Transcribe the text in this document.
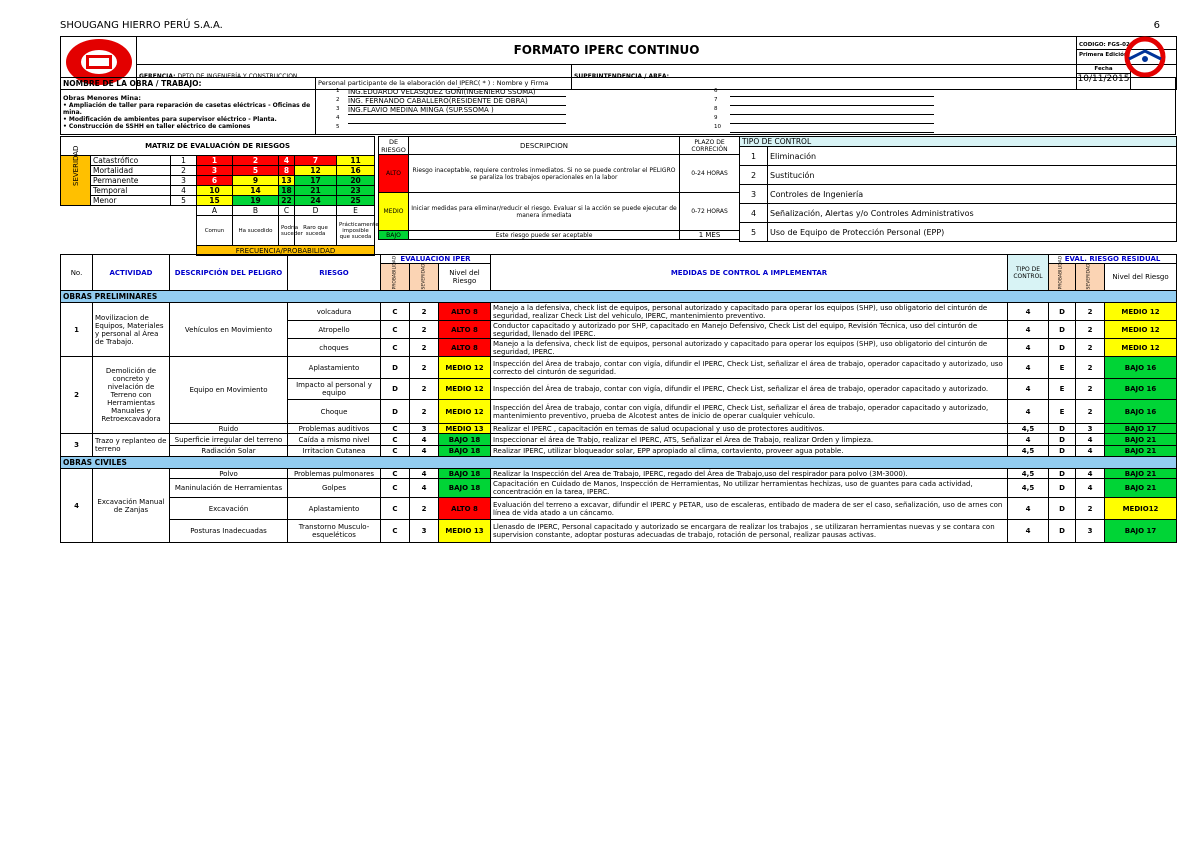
SHOUGANG HIERRO PERÚ S.A.A.	6
	FORMATO IPERC CONTINUO		CODIGO: FGS-02
Primera Edición	

	GERENCIA: DPTO DE INGENIERÍA Y CONSTRUCCION	SUPERINTENDENCIA / AREA:	Fecha
10/11/2015	

NOMBRE DE LA OBRA / TRABAJO:
Obras Menores Mina:
• Ampliación de taller para reparación de casetas eléctricas - Oficinas de mina.
• Modificación de ambientes para supervisor eléctrico - Planta.
• Construcción de SSHH en taller eléctrico de camiones
Personal participante de la elaboración del IPERC( * ) : Nombre y Firma
1	ING.EDUARDO VELASQUEZ GOÑI(INGENIERO SSOMA)
2	ING. FERNANDO CABALLERO(RESIDENTE DE OBRA)
3	ING.FLAVIO MEDINA MINGA (SUP.SSOMA )
4
5
6
7
8
9
10
MATRIZ DE EVALUACIÓN DE RIESGOS							

SEVERIDAD	Catastrófico	1	1	2	4	7	11
	Mortalidad	2	3	5	8	12	16
	Permanente	3	6	9	13	17	20
	Temporal	4	10	14	18	21	23
	Menor	5	15	19	22	24	25
			A	B	C	D	E
			Comun	Ha sucedido	Podría suceder	Raro que suceda	Prácticamente imposible que suceda
			FRECUENCIA/PROBABILIDAD				
DE RIESGO	DESCRIPCION	PLAZO DE CORRECIÓN
ALTO	Riesgo inaceptable, requiere controles inmediatos. Si no se puede controlar el PELIGRO se paraliza los trabajos operacionales en la labor	0-24 HORAS
MEDIO	Iniciar medidas para eliminar/reducir el riesgo. Evaluar si la acción se puede ejecutar de manera inmediata	0-72 HORAS
BAJO	Este riesgo puede ser aceptable	1 MES
TIPO DE CONTROL	
1	Eliminación
2	Sustitución
3	Controles de Ingeniería
4	Señalización, Alertas y/o Controles Administrativos
5	Uso de Equipo de Protección Personal (EPP)
No.	ACTIVIDAD	DESCRIPCIÓN DEL PELIGRO	RIESGO	EVALUACIÓN IPER			MEDIDAS DE CONTROL A IMPLEMENTAR	TIPO DE CONTROL	EVAL. RIESGO RESIDUAL		

				PROBABILIDAD	SEVERIDAD	Nivel del Riesgo			PROBABILIDAD	SEVERIDAD	Nivel del Riesgo
OBRAS PRELIMINARES											
1	Movilizacion de Equipos, Materiales y personal al Área de Trabajo.	Vehículos en Movimiento	volcadura	C	2	ALTO 8	Manejo a la defensiva, check list de equipos, personal autorizado y capacitado para operar los equipos (SHP), uso obligatorio del cinturón de seguridad, realizar Check List del vehiculo, IPERC, mantenimiento preventivo.	4	D	2	MEDIO 12
			Atropello	C	2	ALTO 8	Conductor capacitado y autorizado por SHP, capacitado en Manejo Defensivo, Check List del equipo, Revisión Técnica, uso del cinturón de seguridad, llenado del IPERC.	4	D	2	MEDIO 12
			choques	C	2	ALTO 8	Manejo a la defensiva, check list de equipos, personal autorizado y capacitado para operar los equipos (SHP), uso obligatorio del cinturón de seguridad, IPERC.	4	D	2	MEDIO 12
2	Demolición de concreto y nivelación de Terreno con Herramientas Manuales y Retroexcavadora	Equipo en Movimiento	Aplastamiento	D	2	MEDIO 12	Inspección del Área de trabajo, contar con vigía, difundir el IPERC, Check List, señalizar el área de trabajo, operador capacitado y autorizado, uso correcto del cinturón de seguridad.	4	E	2	BAJO 16
			Impacto al personal y equipo	D	2	MEDIO 12	Inspección del Área de trabajo, contar con vigía, difundir el IPERC, Check List, señalizar el área de trabajo, operador capacitado y autorizado.	4	E	2	BAJO 16
			Choque	D	2	MEDIO 12	Inspección del Área de trabajo, contar con vigía, difundir el IPERC, Check List, señalizar el área de trabajo, operador capacitado y autorizado, mantenimiento preventivo, prueba de Alcotest antes de inicio de operar cualquier vehículo.	4	E	2	BAJO 16
		Ruido	Problemas auditivos	C	3	MEDIO 13	Realizar el IPERC , capacitación en temas de salud ocupacional y uso de protectores auditivos.	4,5	D	3	BAJO 17
3	Trazo y replanteo de terreno	Superficie irregular del terreno	Caída a mismo nivel	C	4	BAJO 18	Inspeccionar el área de Trabjo, realizar el IPERC, ATS, Señalizar el Área de Trabajo, realizar Orden y limpieza.	4	D	4	BAJO 21
		Radiación Solar	Irritacion Cutanea	C	4	BAJO 18	Realizar IPERC, utilizar bloqueador solar, EPP apropiado al clima, cortaviento, proveer agua potable.	4,5	D	4	BAJO 21
OBRAS CIVILES											
4	Excavación Manual de Zanjas	Polvo	Problemas pulmonares	C	4	BAJO 18	Realizar la Inspección del Area de Trabajo, IPERC, regado del Área de Trabajo,uso del respirador para polvo (3M-3000).	4,5	D	4	BAJO 21
		Maninulación de Herramientas	Golpes	C	4	BAJO 18	Capacitación en Cuidado de Manos, Inspección de Herramientas, No utilizar herramientas hechizas, uso de guantes para cada actividad, concentración en la tarea, IPERC.	4,5	D	4	BAJO 21
		Excavación	Aplastamiento	C	2	ALTO 8	Evaluación del terreno a excavar, difundir el IPERC y PETAR, uso de escaleras, entibado de madera de ser el caso, señalización, uso de arnes con línea de vida atado a un cáncamo.	4	D	2	MEDIO12
		Posturas Inadecuadas	Transtorno Musculo-esqueléticos	C	3	MEDIO 13	Llenasdo de IPERC, Personal capacitado y autorizado se encargara de realizar los trabajos , se utilizaran herramientas nuevas y se contara con supervision constante, adoptar posturas adecuadas de trabajo, rotación de personal, realizar pausas activas.	4	D	3	BAJO 17
